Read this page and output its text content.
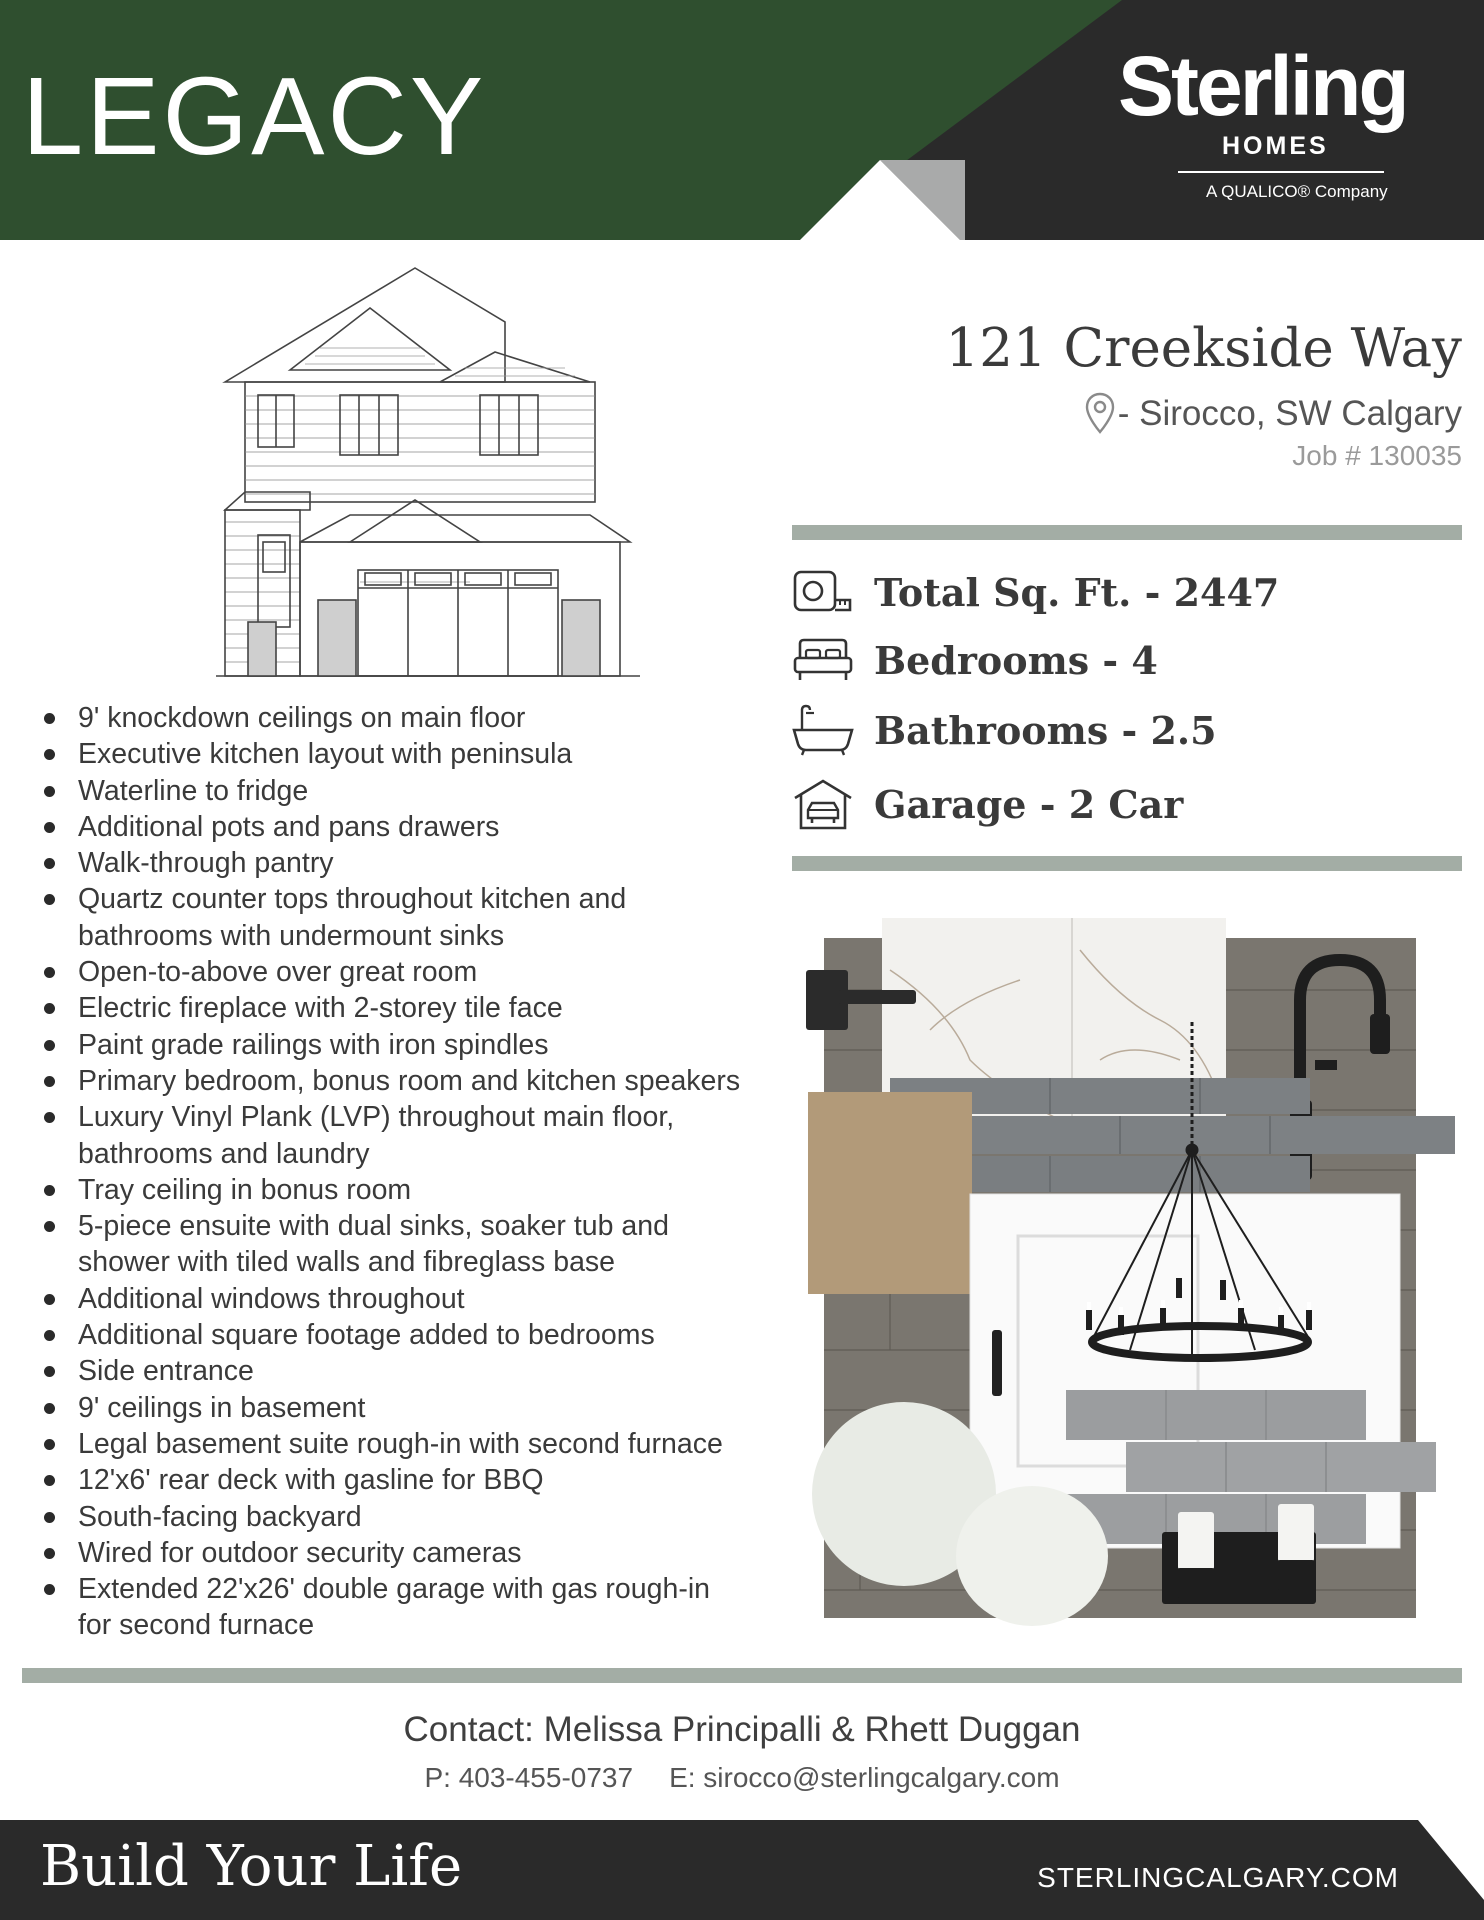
LEGACY	Sterling
HOMES
A QUALICO® Company
121 Creekside Way
- Sirocco, SW Calgary
Job # 130035
Total Sq. Ft. - 2447
Bedrooms - 4
Bathrooms - 2.5
Garage - 2 Car
9' knockdown ceilings on main floor
Executive kitchen layout with peninsula
Waterline to fridge
Additional pots and pans drawers
Walk-through pantry
Quartz counter tops throughout kitchen and
bathrooms with undermount sinks
Open-to-above over great room
Electric fireplace with 2-storey tile face
Paint grade railings with iron spindles
Primary bedroom, bonus room and kitchen speakers
Luxury Vinyl Plank (LVP) throughout main floor,
bathrooms and laundry
Tray ceiling in bonus room
5-piece ensuite with dual sinks, soaker tub and
shower with tiled walls and fibreglass base
Additional windows throughout
Additional square footage added to bedrooms
Side entrance
9' ceilings in basement
Legal basement suite rough-in with second furnace
12'x6' rear deck with gasline for BBQ
South-facing backyard
Wired for outdoor security cameras
Extended 22'x26' double garage with gas rough-in
for second furnace
Contact: Melissa Principalli & Rhett Duggan
P: 403-455-0737 E: sirocco@sterlingcalgary.com
Build Your Life	STERLINGCALGARY.COM
